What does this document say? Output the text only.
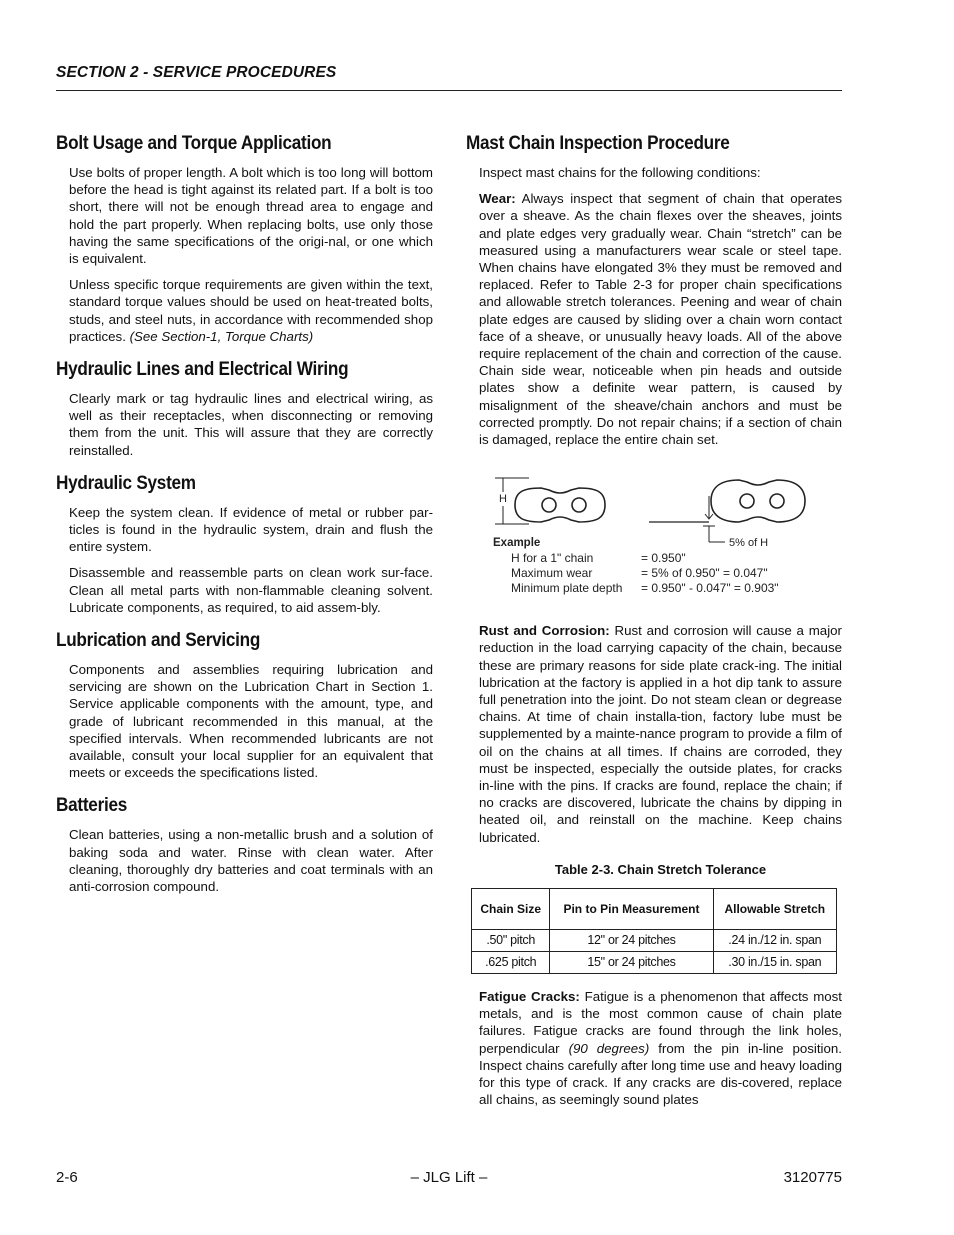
SECTION 2 - SERVICE PROCEDURES
Bolt Usage and Torque Application

Use bolts of proper length. A bolt which is too long will bottom before the head is tight against its related part. If a bolt is too short, there will not be enough thread area to engage and hold the part properly. When replacing bolts, use only those having the same specifications of the origi-nal, or one which is equivalent.

Unless specific torque requirements are given within the text, standard torque values should be used on heat-treated bolts, studs, and steel nuts, in accordance with recommended shop practices. (See Section-1, Torque Charts)

Hydraulic Lines and Electrical Wiring

Clearly mark or tag hydraulic lines and electrical wiring, as well as their receptacles, when disconnecting or removing them from the unit. This will assure that they are correctly reinstalled.

Hydraulic System

Keep the system clean. If evidence of metal or rubber par-ticles is found in the hydraulic system, drain and flush the entire system.

Disassemble and reassemble parts on clean work sur-face. Clean all metal parts with non-flammable cleaning solvent. Lubricate components, as required, to aid assem-bly.

Lubrication and Servicing

Components and assemblies requiring lubrication and servicing are shown on the Lubrication Chart in Section 1. Service applicable components with the amount, type, and grade of lubricant recommended in this manual, at the specified intervals. When recommended lubricants are not available, consult your local supplier for an equivalent that meets or exceeds the specifications listed.

Batteries

Clean batteries, using a non-metallic brush and a solution of baking soda and water. Rinse with clean water. After cleaning, thoroughly dry batteries and coat terminals with an anti-corrosion compound.

Mast Chain Inspection Procedure

Inspect mast chains for the following conditions:

Wear: Always inspect that segment of chain that operates over a sheave. As the chain flexes over the sheaves, joints and plate edges very gradually wear. Chain “stretch” can be measured using a manufacturers wear scale or steel tape. When chains have elongated 3% they must be removed and replaced. Refer to Table 2-3 for proper chain specifications and allowable stretch tolerances. Peening and wear of chain plate edges are caused by sliding over a chain worn contact face of a sheave, or unusually heavy loads. All of the above require replacement of the chain and correction of the cause. Chain side wear, noticeable when pin heads and outside plates show a definite wear pattern, is caused by misalignment of the sheave/chain anchors and must be corrected promptly. Do not repair chains; if a section of chain is damaged, replace the entire chain set.

H
5% of H
Example
H for a 1" chain	= 0.950"
Maximum wear	= 5% of 0.950" = 0.047"
Minimum plate depth = 0.950" - 0.047" = 0.903"

Rust and Corrosion: Rust and corrosion will cause a major reduction in the load carrying capacity of the chain, because these are primary reasons for side plate crack-ing. The initial lubrication at the factory is applied in a hot dip tank to assure full penetration into the joint. Do not steam clean or degrease chains. At time of chain installa-tion, factory lube must be supplemented by a mainte-nance program to provide a film of oil on the chains at all times. If chains are corroded, they must be inspected, especially the outside plates, for cracks in-line with the pins. If cracks are found, replace the chain; if no cracks are discovered, lubricate the chains by dipping in heated oil, and reinstall on the machine. Keep chains lubricated.

Table 2-3. Chain Stretch Tolerance
Chain Size	Pin to Pin Measurement	Allowable Stretch
.50" pitch	12" or 24 pitches	.24 in./12 in. span
.625 pitch	15" or 24 pitches	.30 in./15 in. span

Fatigue Cracks: Fatigue is a phenomenon that affects most metals, and is the most common cause of chain plate failures. Fatigue cracks are found through the link holes, perpendicular (90 degrees) from the pin in-line position. Inspect chains carefully after long time use and heavy loading for this type of crack. If any cracks are dis-covered, replace all chains, as seemingly sound plates

2-6	– JLG Lift –	3120775
